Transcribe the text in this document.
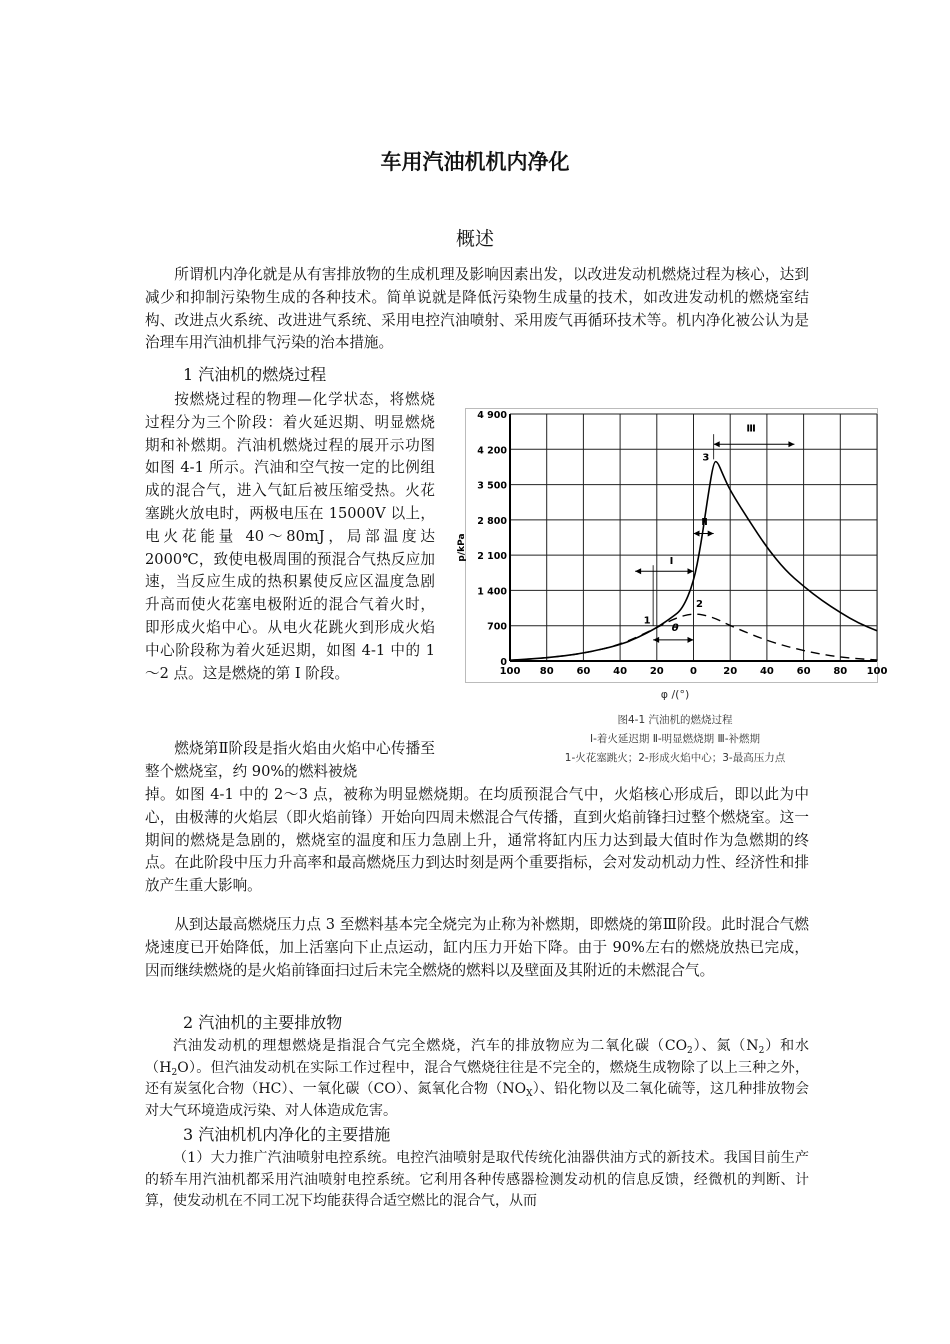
车用汽油机机内净化
概述

所谓机内净化就是从有害排放物的生成机理及影响因素出发，以改进发动机燃烧过程为核心，达到减少和抑制污染物生成的各种技术。简单说就是降低污染物生成量的技术，如改进发动机的燃烧室结构、改进点火系统、改进进气系统、采用电控汽油喷射、采用废气再循环技术等。机内净化被公认为是治理车用汽油机排气污染的治本措施。

1 汽油机的燃烧过程

按燃烧过程的物理—化学状态，将燃烧过程分为三个阶段：着火延迟期、明显燃烧期和补燃期。汽油机燃烧过程的展开示功图如图 4-1 所示。汽油和空气按一定的比例组成的混合气，进入气缸后被压缩受热。火花塞跳火放电时，两极电压在 15000V 以上，电火花能量 40～80mJ，局部温度达 2000℃，致使电极周围的预混合气热反应加速，当反应生成的热积累使反应区温度急剧升高而使火花塞电极附近的混合气着火时，即形成火焰中心。从电火花跳火到形成火焰中心阶段称为着火延迟期，如图 4-1 中的 1～2 点。这是燃烧的第 I 阶段。

燃烧第Ⅱ阶段是指火焰由火焰中心传播至整个燃烧室，约 90%的燃料被烧

掉。如图 4-1 中的 2～3 点，被称为明显燃烧期。在均质预混合气中，火焰核心形成后，即以此为中心，由极薄的火焰层（即火焰前锋）开始向四周未燃混合气传播，直到火焰前锋扫过整个燃烧室。这一期间的燃烧是急剧的，燃烧室的温度和压力急剧上升，通常将缸内压力达到最大值时作为急燃期的终点。在此阶段中压力升高率和最高燃烧压力到达时刻是两个重要指标，会对发动机动力性、经济性和排放产生重大影响。

从到达最高燃烧压力点 3 至燃料基本完全烧完为止称为补燃期，即燃烧的第Ⅲ阶段。此时混合气燃烧速度已开始降低，加上活塞向下止点运动，缸内压力开始下降。由于 90%左右的燃烧放热已完成，因而继续燃烧的是火焰前锋面扫过后未完全燃烧的燃料以及壁面及其附近的未燃混合气。

2 汽油机的主要排放物

汽油发动机的理想燃烧是指混合气完全燃烧，汽车的排放物应为二氧化碳$(CO_2)$、氮$(N_2)$和水$(H_2O)$。但汽油发动机在实际工作过程中，混合气燃烧往往是不完全的，燃烧生成物除了以上三种之外，还有炭氢化合物（HC）、一氧化碳（CO）、氮氧化合物$(NO_X)$、铅化物以及二氧化硫等，这几种排放物会对大气环境造成污染、对人体造成危害。

3 汽油机机内净化的主要措施

（1）大力推广汽油喷射电控系统。电控汽油喷射是取代传统化油器供油方式的新技术。我国目前生产的轿车用汽油机都采用汽油喷射电控系统。它利用各种传感器检测发动机的信息反馈，经微机的判断、计算，使发动机在不同工况下均能获得合适空燃比的混合气，从而

100 80 60 40 20	0	20 40 60 80 100
0
700
1 400
2 100
2 800
3 500
4 200
4 900
p/kPa
1
2
3
Ⅰ
Ⅱ
Ⅲ
θ
φ /(°)
图4-1 汽油机的燃烧过程
Ⅰ-着火延迟期 Ⅱ-明显燃烧期 Ⅲ-补燃期
1-火花塞跳火；2-形成火焰中心；3-最高压力点
